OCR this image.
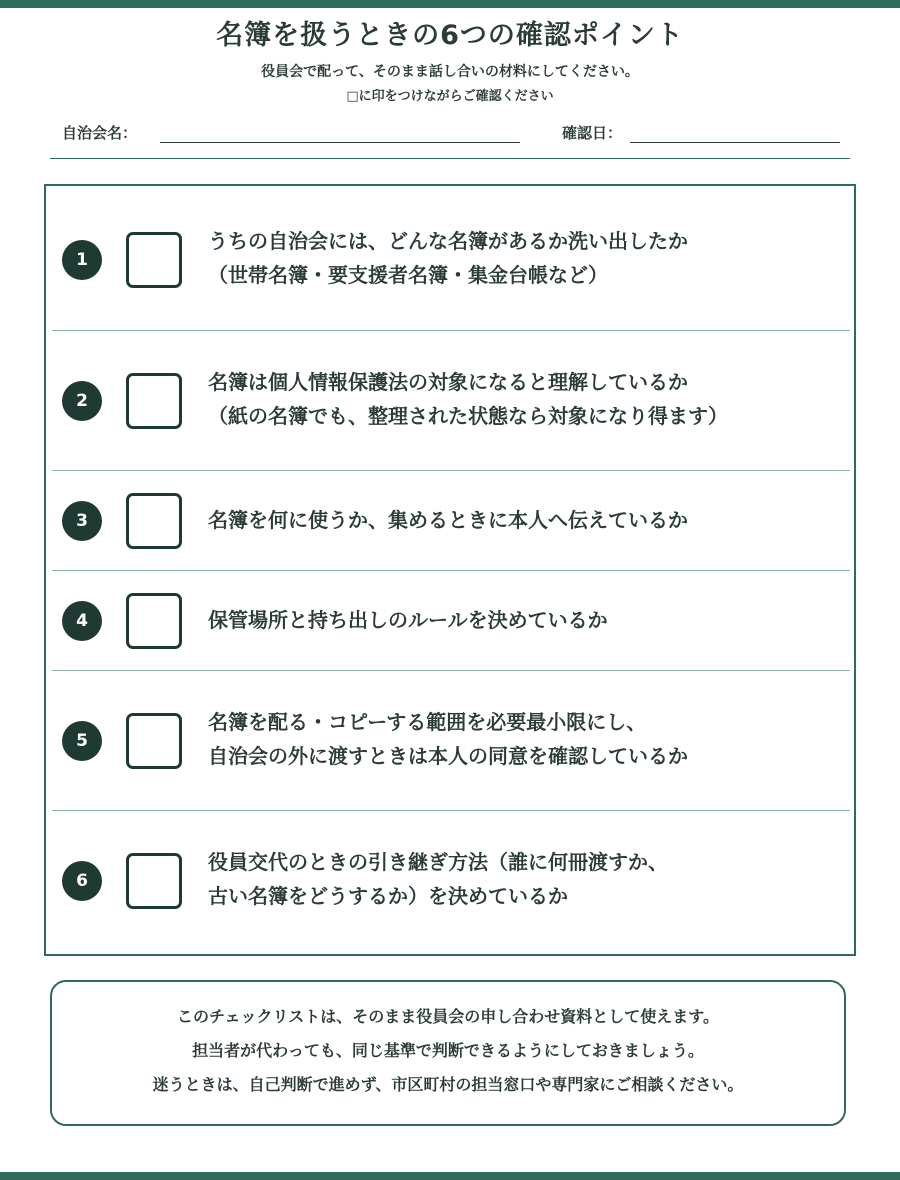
名簿を扱うときの6つの確認ポイント
役員会で配って、そのまま話し合いの材料にしてください。
□に印をつけながらご確認ください
自治会名：	確認日：
1
うちの自治会には、どんな名簿があるか洗い出したか
（世帯名簿・要支援者名簿・集金台帳など）
2
名簿は個人情報保護法の対象になると理解しているか
（紙の名簿でも、整理された状態なら対象になり得ます）
3	名簿を何に使うか、集めるときに本人へ伝えているか
4	保管場所と持ち出しのルールを決めているか
5
名簿を配る・コピーする範囲を必要最小限にし、
自治会の外に渡すときは本人の同意を確認しているか
6
役員交代のときの引き継ぎ方法（誰に何冊渡すか、
古い名簿をどうするか）を決めているか
このチェックリストは、そのまま役員会の申し合わせ資料として使えます。
担当者が代わっても、同じ基準で判断できるようにしておきましょう。
迷うときは、自己判断で進めず、市区町村の担当窓口や専門家にご相談ください。
